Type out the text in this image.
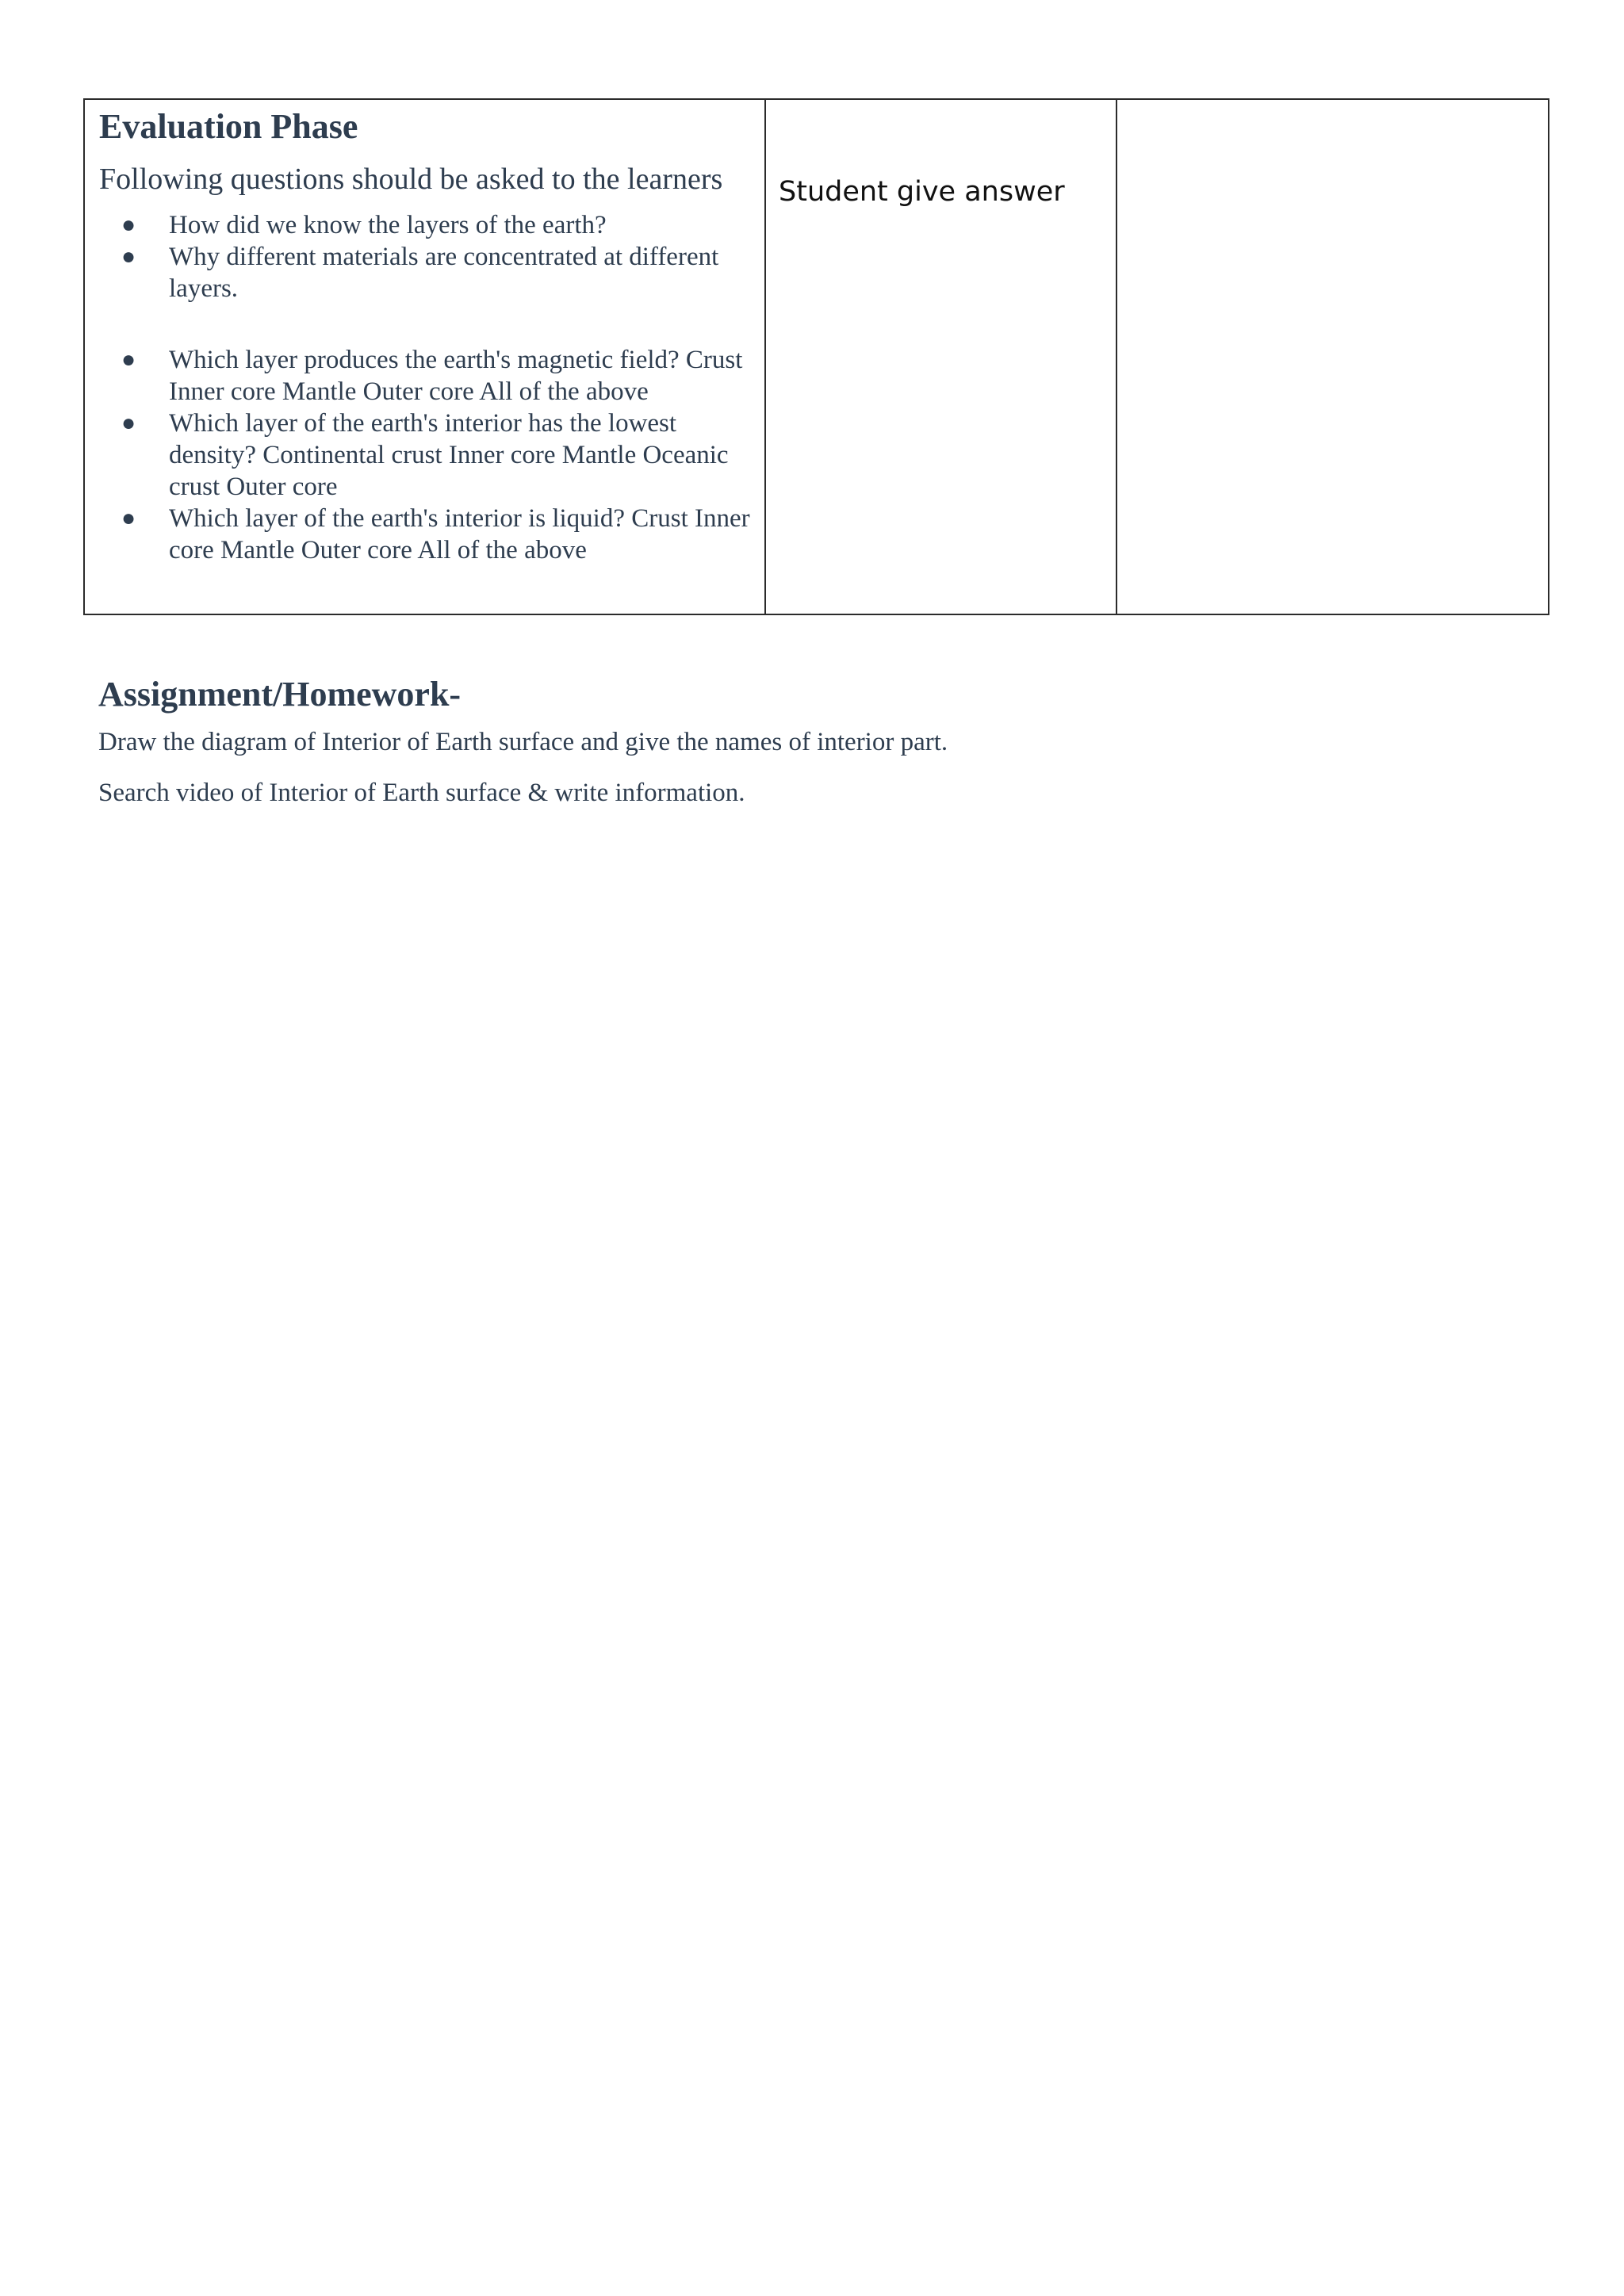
Evaluation Phase
Following questions should be asked to the learners
● How did we know the layers of the earth?
● Why different materials are concentrated at different layers.
● Which layer produces the earth's magnetic field? Crust Inner core Mantle Outer core All of the above
● Which layer of the earth's interior has the lowest density? Continental crust Inner core Mantle Oceanic crust Outer core
● Which layer of the earth's interior is liquid? Crust Inner core Mantle Outer core All of the above

Student give answer

Assignment/Homework-

Draw the diagram of Interior of Earth surface and give the names of interior part.

Search video of Interior of Earth surface & write information.
